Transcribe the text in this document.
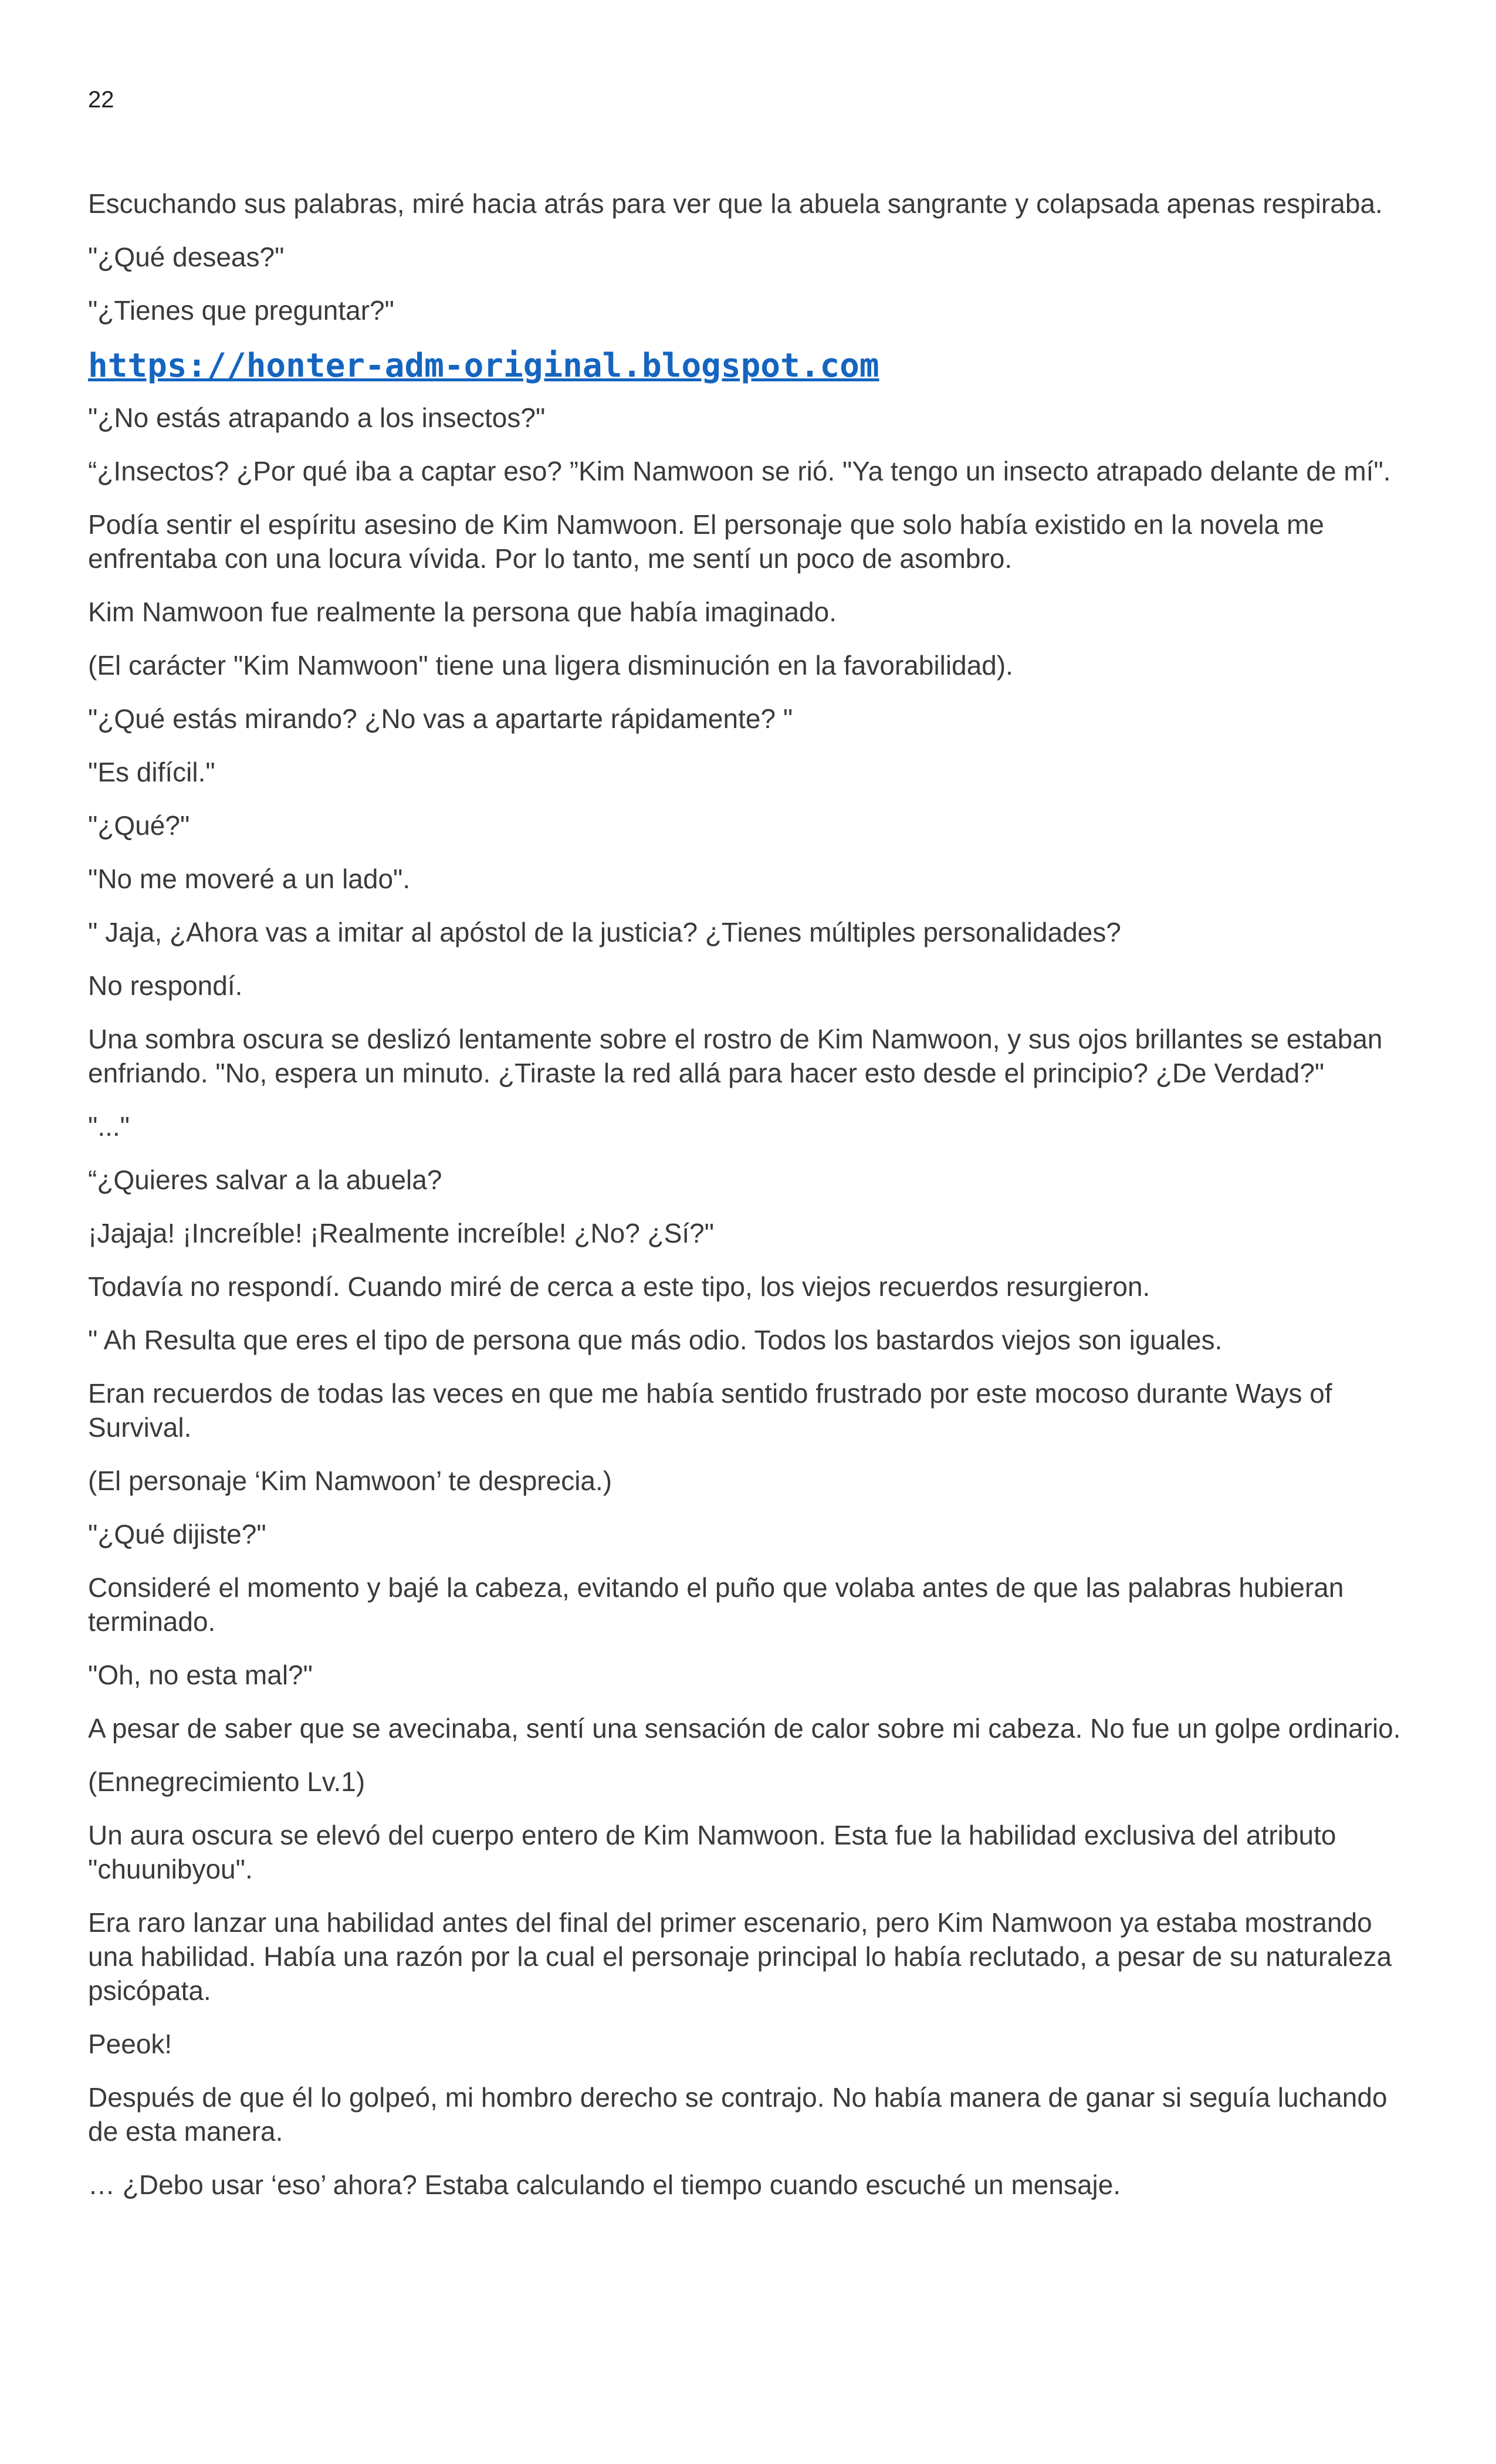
22

Escuchando sus palabras, miré hacia atrás para ver que la abuela sangrante y colapsada apenas respiraba.

"¿Qué deseas?"

"¿Tienes que preguntar?"

https://honter-adm-original.blogspot.com

"¿No estás atrapando a los insectos?"

“¿Insectos? ¿Por qué iba a captar eso? ”Kim Namwoon se rió. "Ya tengo un insecto atrapado delante de mí".

Podía sentir el espíritu asesino de Kim Namwoon. El personaje que solo había existido en la novela me enfrentaba con una locura vívida. Por lo tanto, me sentí un poco de asombro.

Kim Namwoon fue realmente la persona que había imaginado.

(El carácter "Kim Namwoon" tiene una ligera disminución en la favorabilidad).

"¿Qué estás mirando? ¿No vas a apartarte rápidamente? "

"Es difícil."

"¿Qué?"

"No me moveré a un lado".

" Jaja, ¿Ahora vas a imitar al apóstol de la justicia? ¿Tienes múltiples personalidades?

No respondí.

Una sombra oscura se deslizó lentamente sobre el rostro de Kim Namwoon, y sus ojos brillantes se estaban enfriando. "No, espera un minuto. ¿Tiraste la red allá para hacer esto desde el principio? ¿De Verdad?"

"..."

“¿Quieres salvar a la abuela?

¡Jajaja! ¡Increíble! ¡Realmente increíble! ¿No? ¿Sí?"

Todavía no respondí. Cuando miré de cerca a este tipo, los viejos recuerdos resurgieron.

" Ah Resulta que eres el tipo de persona que más odio. Todos los bastardos viejos son iguales.

Eran recuerdos de todas las veces en que me había sentido frustrado por este mocoso durante Ways of Survival.

(El personaje ‘Kim Namwoon’ te desprecia.)

"¿Qué dijiste?"

Consideré el momento y bajé la cabeza, evitando el puño que volaba antes de que las palabras hubieran terminado.

"Oh, no esta mal?"

A pesar de saber que se avecinaba, sentí una sensación de calor sobre mi cabeza. No fue un golpe ordinario.

(Ennegrecimiento Lv.1)

Un aura oscura se elevó del cuerpo entero de Kim Namwoon. Esta fue la habilidad exclusiva del atributo "chuunibyou".

Era raro lanzar una habilidad antes del final del primer escenario, pero Kim Namwoon ya estaba mostrando una habilidad. Había una razón por la cual el personaje principal lo había reclutado, a pesar de su naturaleza psicópata.

Peeok!

Después de que él lo golpeó, mi hombro derecho se contrajo. No había manera de ganar si seguía luchando de esta manera.

… ¿Debo usar ‘eso’ ahora? Estaba calculando el tiempo cuando escuché un mensaje.
